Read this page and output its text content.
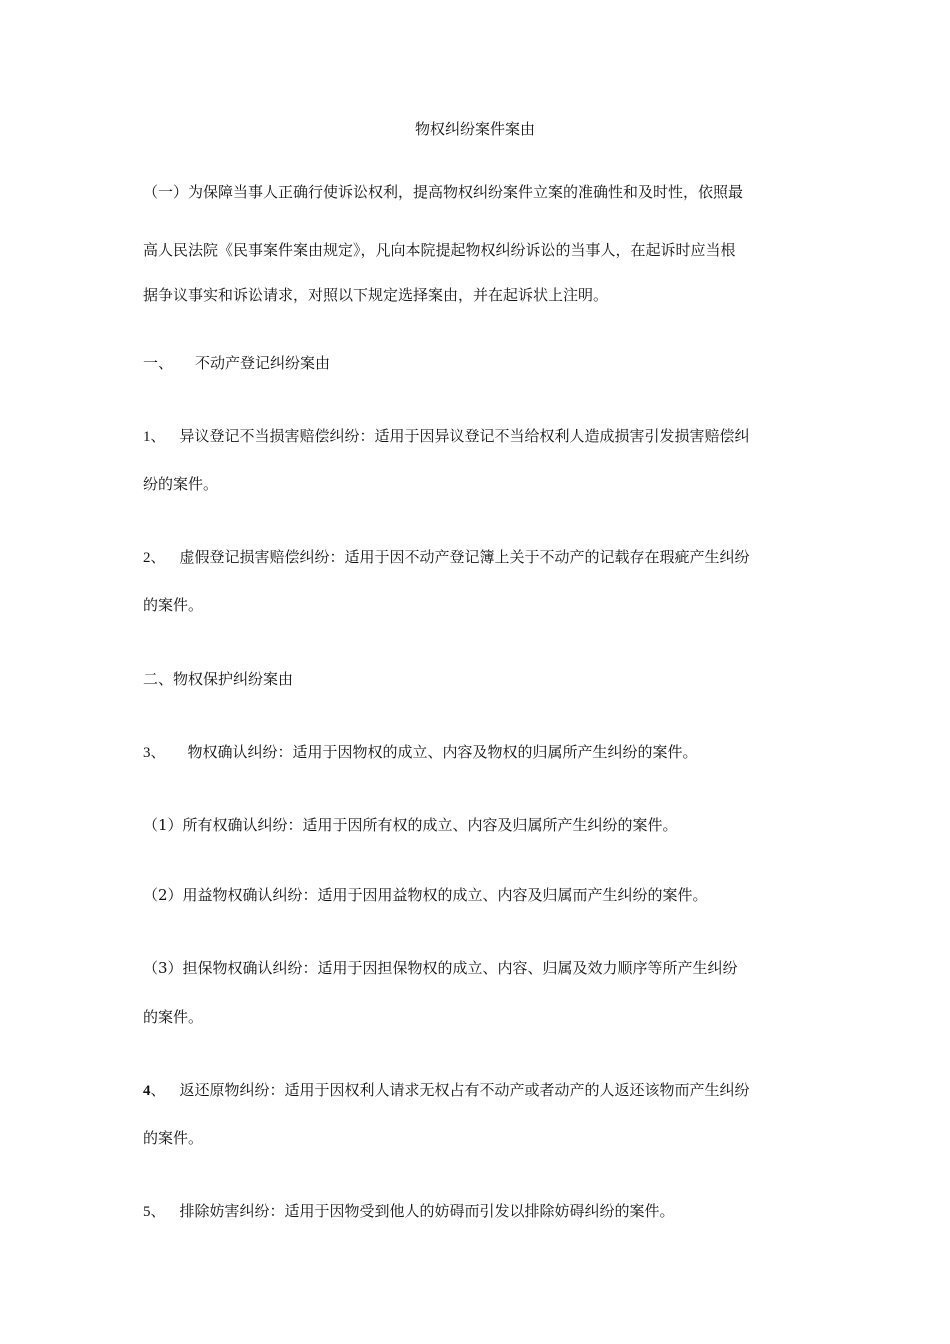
物权纠纷案件案由
（一）为保障当事人正确行使诉讼权利，提高物权纠纷案件立案的准确性和及时性，依照最
高人民法院《民事案件案由规定》，凡向本院提起物权纠纷诉讼的当事人，在起诉时应当根
据争议事实和诉讼请求，对照以下规定选择案由，并在起诉状上注明。
一、 不动产登记纠纷案由
1、 异议登记不当损害赔偿纠纷：适用于因异议登记不当给权利人造成损害引发损害赔偿纠
纷的案件。
2、 虚假登记损害赔偿纠纷：适用于因不动产登记簿上关于不动产的记载存在瑕疵产生纠纷
的案件。
二、物权保护纠纷案由
3、 物权确认纠纷：适用于因物权的成立、内容及物权的归属所产生纠纷的案件。
（1）所有权确认纠纷：适用于因所有权的成立、内容及归属所产生纠纷的案件。
（2）用益物权确认纠纷：适用于因用益物权的成立、内容及归属而产生纠纷的案件。
（3）担保物权确认纠纷：适用于因担保物权的成立、内容、归属及效力顺序等所产生纠纷
的案件。
4、 返还原物纠纷：适用于因权利人请求无权占有不动产或者动产的人返还该物而产生纠纷
的案件。
5、 排除妨害纠纷：适用于因物受到他人的妨碍而引发以排除妨碍纠纷的案件。
